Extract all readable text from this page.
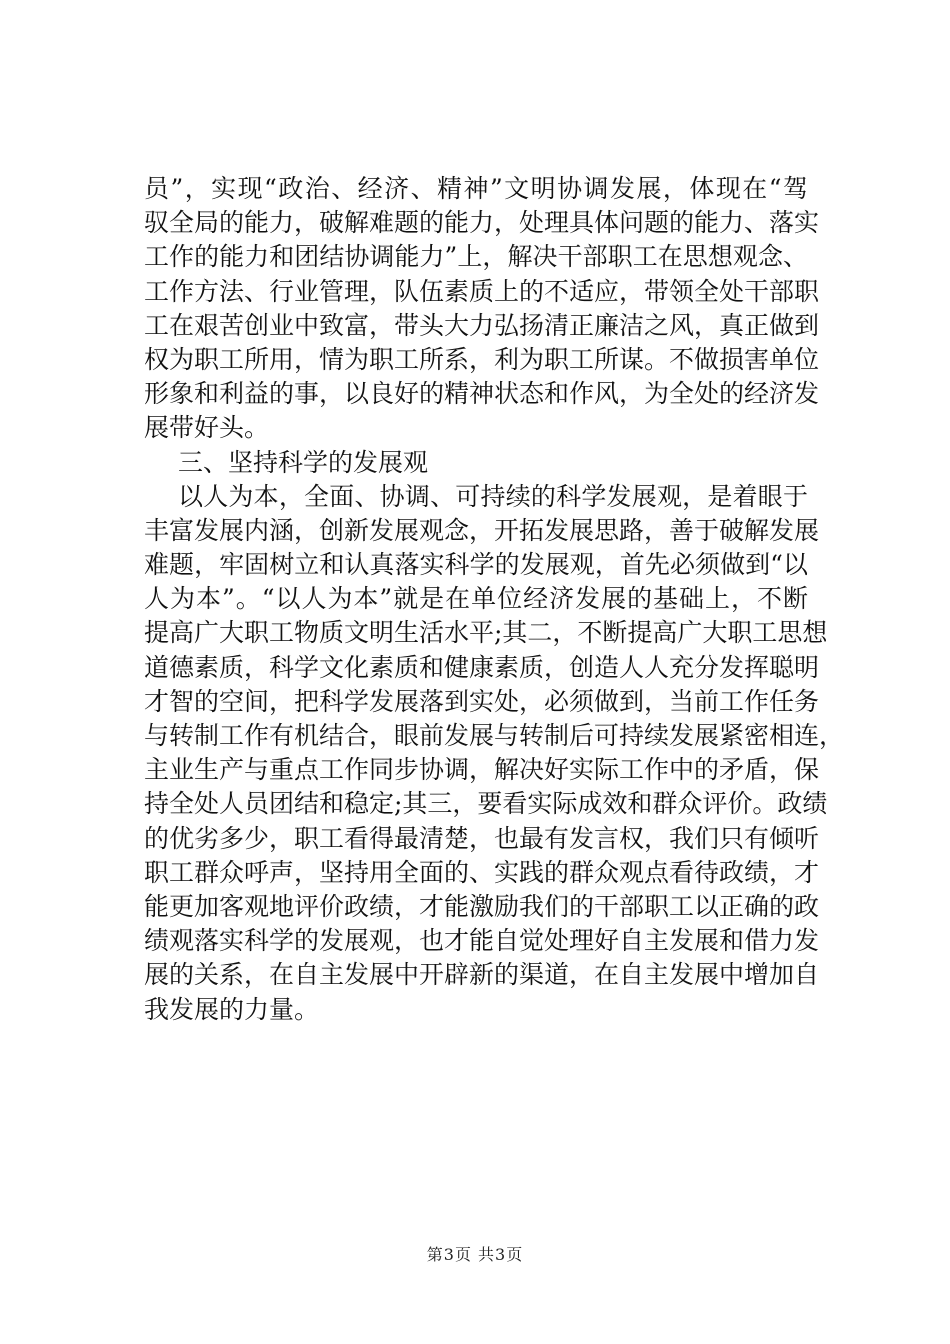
员”，实现“政治、经济、精神”文明协调发展，体现在“驾
驭全局的能力，破解难题的能力，处理具体问题的能力、落实
工作的能力和团结协调能力”上，解决干部职工在思想观念、
工作方法、行业管理，队伍素质上的不适应，带领全处干部职
工在艰苦创业中致富，带头大力弘扬清正廉洁之风，真正做到
权为职工所用，情为职工所系，利为职工所谋。不做损害单位
形象和利益的事，以良好的精神状态和作风，为全处的经济发
展带好头。
三、坚持科学的发展观
以人为本，全面、协调、可持续的科学发展观，是着眼于
丰富发展内涵，创新发展观念，开拓发展思路，善于破解发展
难题，牢固树立和认真落实科学的发展观，首先必须做到“以
人为本”。“以人为本”就是在单位经济发展的基础上，不断
提高广大职工物质文明生活水平;其二，不断提高广大职工思想
道德素质，科学文化素质和健康素质，创造人人充分发挥聪明
才智的空间，把科学发展落到实处，必须做到，当前工作任务
与转制工作有机结合，眼前发展与转制后可持续发展紧密相连，
主业生产与重点工作同步协调，解决好实际工作中的矛盾，保
持全处人员团结和稳定;其三，要看实际成效和群众评价。政绩
的优劣多少，职工看得最清楚，也最有发言权，我们只有倾听
职工群众呼声，坚持用全面的、实践的群众观点看待政绩，才
能更加客观地评价政绩，才能激励我们的干部职工以正确的政
绩观落实科学的发展观，也才能自觉处理好自主发展和借力发
展的关系，在自主发展中开辟新的渠道，在自主发展中增加自
我发展的力量。
第3页 共3页
